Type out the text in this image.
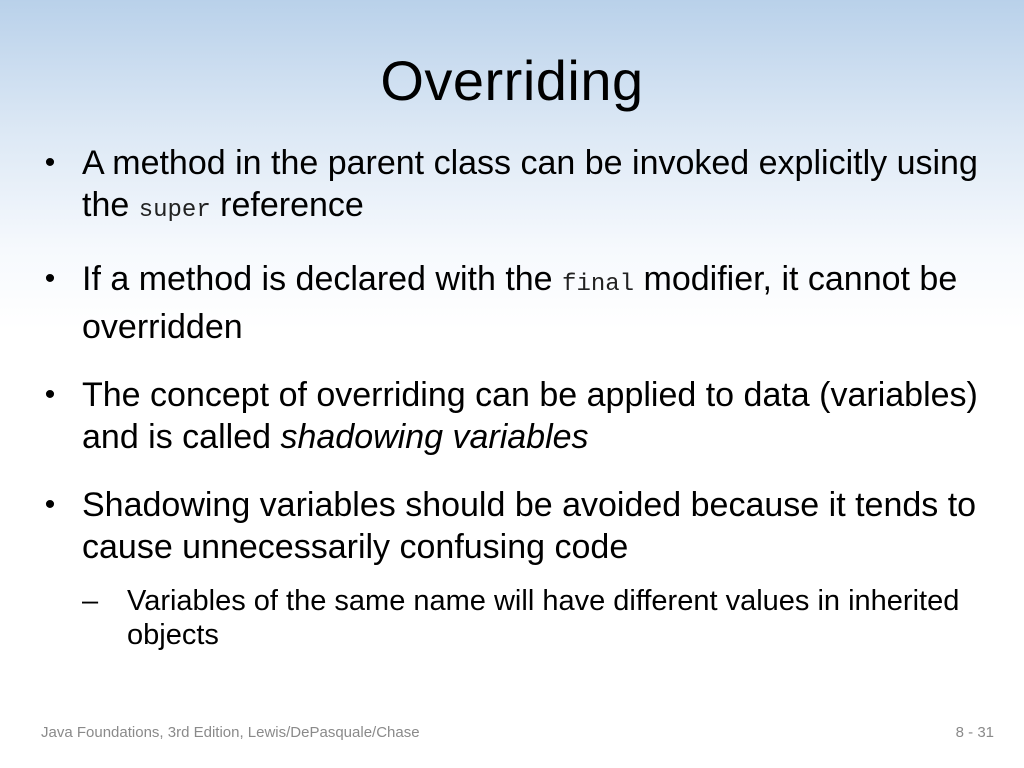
Overriding
• A method in the parent class can be invoked explicitly using the super reference
• If a method is declared with the final modifier, it cannot be overridden
• The concept of overriding can be applied to data (variables) and is called shadowing variables
• Shadowing variables should be avoided because it tends to cause unnecessarily confusing code
– Variables of the same name will have different values in inherited objects
Java Foundations, 3rd Edition, Lewis/DePasquale/Chase	8 - 31
